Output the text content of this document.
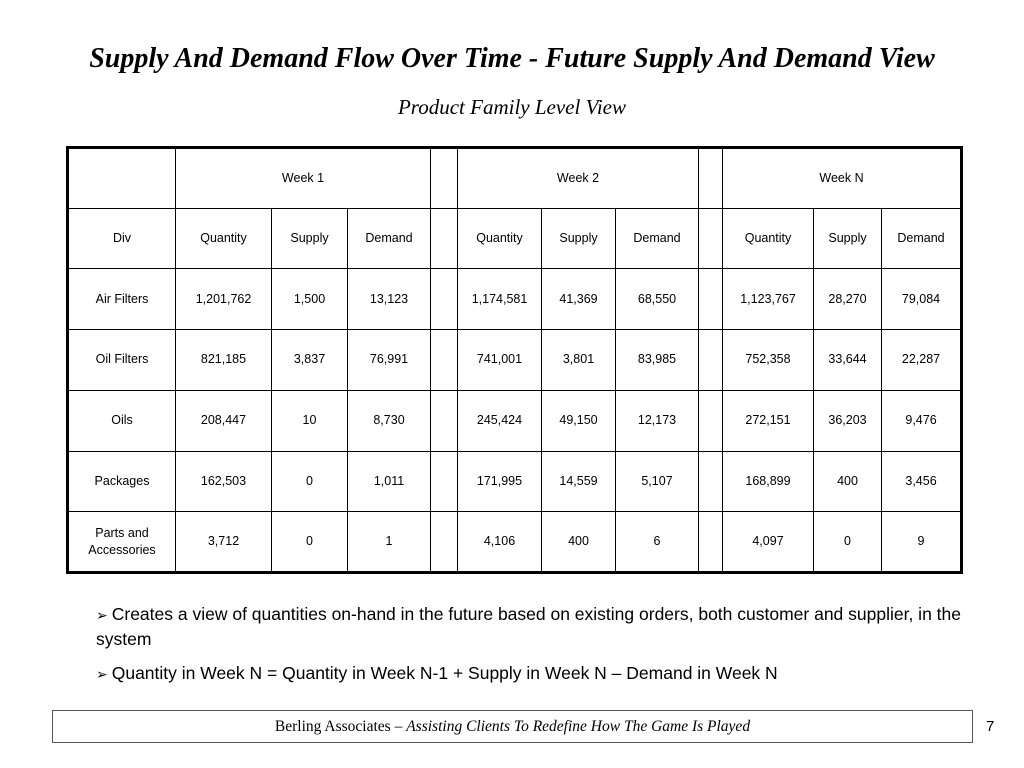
Supply And Demand Flow Over Time - Future Supply And Demand View
Product Family Level View
	Week 1				Week 2				Week N		
Div	Quantity	Supply	Demand		Quantity	Supply	Demand		Quantity	Supply	Demand
Air Filters	1,201,762	1,500	13,123		1,174,581	41,369	68,550		1,123,767	28,270	79,084
Oil Filters	821,185	3,837	76,991		741,001	3,801	83,985		752,358	33,644	22,287
Oils	208,447	10	8,730		245,424	49,150	12,173		272,151	36,203	9,476
Packages	162,503	0	1,011		171,995	14,559	5,107		168,899	400	3,456
Parts and
Accessories	3,712	0	1		4,106	400	6		4,097	0	9
➢ Creates a view of quantities on-hand in the future based on existing orders, both customer and supplier, in the system
➢ Quantity in Week N = Quantity in Week N-1 + Supply in Week N – Demand in Week N
Berling Associates – Assisting Clients To Redefine How The Game Is Played	7
